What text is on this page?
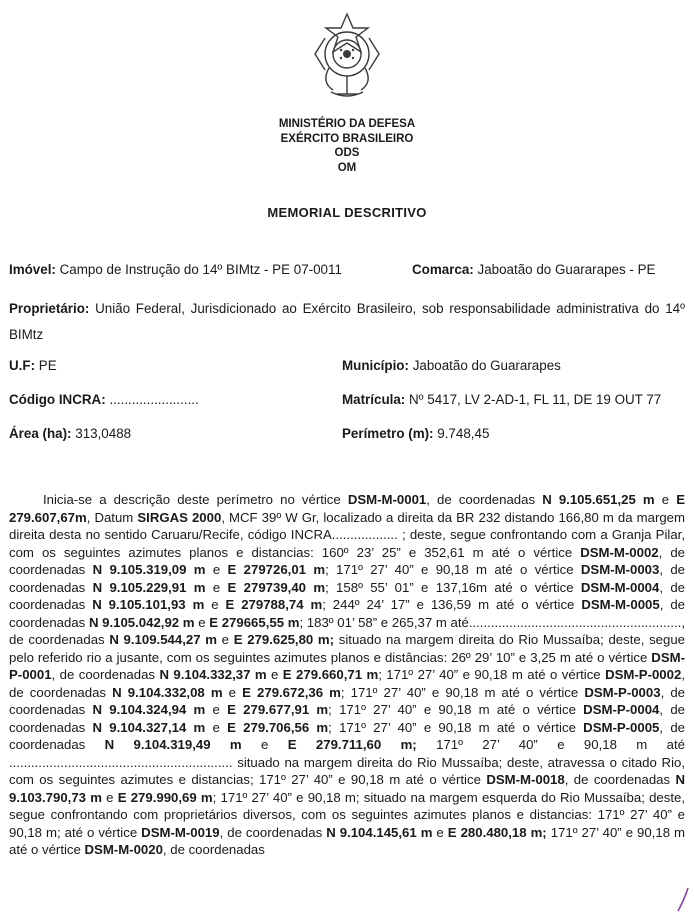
MINISTÉRIO DA DEFESA
EXÉRCITO BRASILEIRO
ODS
OM
MEMORIAL DESCRITIVO
Imóvel: Campo de Instrução do 14º BIMtz - PE 07-0011	Comarca: Jaboatão do Guararapes - PE
Proprietário: União Federal, Jurisdicionado ao Exército Brasileiro, sob responsabilidade administrativa do 14º BIMtz
U.F: PE	Município: Jaboatão do Guararapes
Código INCRA: ........................	Matrícula: Nº 5417, LV 2-AD-1, FL 11, DE 19 OUT 77
Área (ha): 313,0488	Perímetro (m): 9.748,45

Inicia-se a descrição deste perímetro no vértice DSM-M-0001, de coordenadas N 9.105.651,25 m e E 279.607,67m, Datum SIRGAS 2000, MCF 39º W Gr, localizado a direita da BR 232 distando 166,80 m da margem direita desta no sentido Caruaru/Recife, código INCRA.................. ; deste, segue confrontando com a Granja Pilar, com os seguintes azimutes planos e distancias: 160º 23’ 25” e 352,61 m até o vértice DSM-M-0002, de coordenadas N 9.105.319,09 m e E 279726,01 m; 171º 27’ 40” e 90,18 m até o vértice DSM-M-0003, de coordenadas N 9.105.229,91 m e E 279739,40 m; 158º 55’ 01” e 137,16m até o vértice DSM-M-0004, de coordenadas N 9.105.101,93 m e E 279788,74 m; 244º 24’ 17” e 136,59 m até o vértice DSM-M-0005, de coordenadas N 9.105.042,92 m e E 279665,55 m; 183º 01’ 58” e 265,37 m até.........................................................., de coordenadas N 9.109.544,27 m e E 279.625,80 m; situado na margem direita do Rio Mussaíba; deste, segue pelo referido rio a jusante, com os seguintes azimutes planos e distâncias: 26º 29’ 10” e 3,25 m até o vértice DSM-P-0001, de coordenadas N 9.104.332,37 m e E 279.660,71 m; 171º 27’ 40” e 90,18 m até o vértice DSM-P-0002, de coordenadas N 9.104.332,08 m e E 279.672,36 m; 171º 27’ 40” e 90,18 m até o vértice DSM-P-0003, de coordenadas N 9.104.324,94 m e E 279.677,91 m; 171º 27’ 40” e 90,18 m até o vértice DSM-P-0004, de coordenadas N 9.104.327,14 m e E 279.706,56 m; 171º 27’ 40” e 90,18 m até o vértice DSM-P-0005, de coordenadas N 9.104.319,49 m e E 279.711,60 m; 171º 27’ 40” e 90,18 m até ............................................................. situado na margem direita do Rio Mussaíba; deste, atravessa o citado Rio, com os seguintes azimutes e distancias; 171º 27’ 40” e 90,18 m até o vértice DSM-M-0018, de coordenadas N 9.103.790,73 m e E 279.990,69 m; 171º 27’ 40” e 90,18 m; situado na margem esquerda do Rio Mussaíba; deste, segue confrontando com proprietários diversos, com os seguintes azimutes planos e distancias: 171º 27’ 40” e 90,18 m; até o vértice DSM-M-0019, de coordenadas N 9.104.145,61 m e E 280.480,18 m; 171º 27’ 40” e 90,18 m até o vértice DSM-M-0020, de coordenadas
